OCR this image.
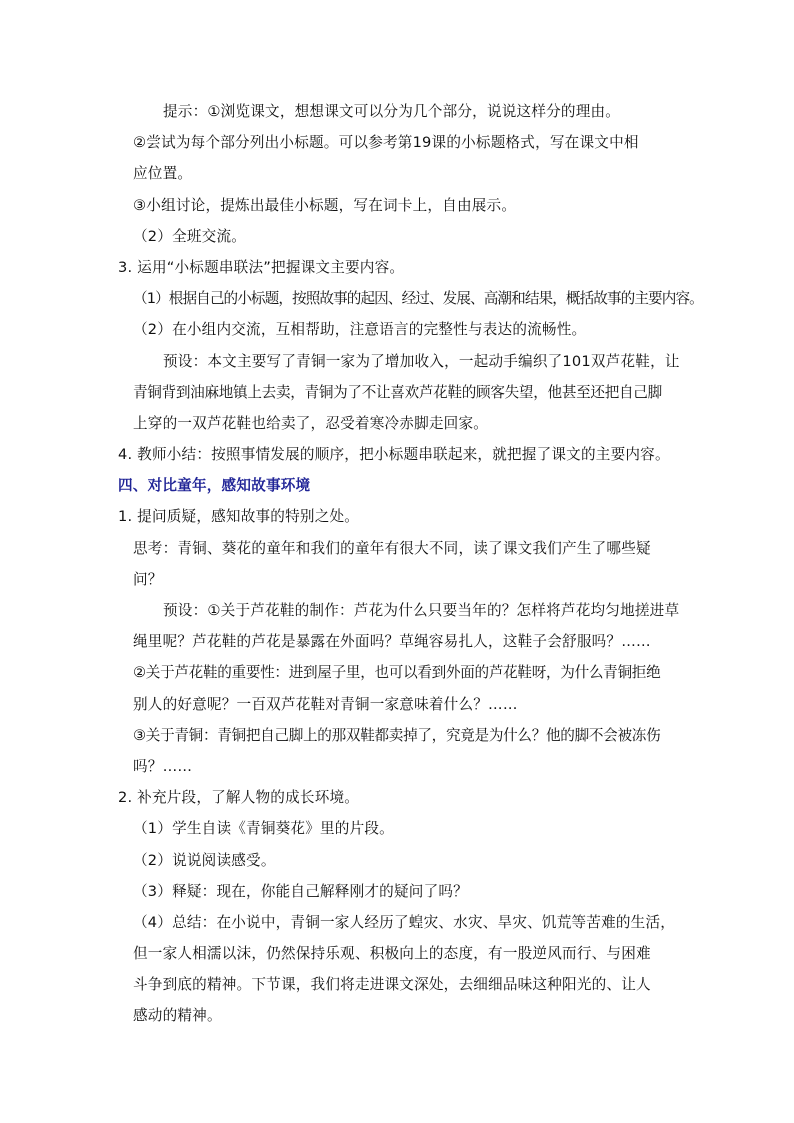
提示：①浏览课文，想想课文可以分为几个部分，说说这样分的理由。
②尝试为每个部分列出小标题。可以参考第19课的小标题格式，写在课文中相
应位置。
③小组讨论，提炼出最佳小标题，写在词卡上，自由展示。
（2）全班交流。
3. 运用“小标题串联法”把握课文主要内容。
（1）根据自己的小标题，按照故事的起因、经过、发展、高潮和结果，概括故事的主要内容。
（2）在小组内交流，互相帮助，注意语言的完整性与表达的流畅性。
预设：本文主要写了青铜一家为了增加收入，一起动手编织了101双芦花鞋，让
青铜背到油麻地镇上去卖，青铜为了不让喜欢芦花鞋的顾客失望，他甚至还把自己脚
上穿的一双芦花鞋也给卖了，忍受着寒冷赤脚走回家。
4. 教师小结：按照事情发展的顺序，把小标题串联起来，就把握了课文的主要内容。
四、对比童年，感知故事环境
1. 提问质疑，感知故事的特别之处。
思考：青铜、葵花的童年和我们的童年有很大不同，读了课文我们产生了哪些疑
问？
预设：①关于芦花鞋的制作：芦花为什么只要当年的？怎样将芦花均匀地搓进草
绳里呢？芦花鞋的芦花是暴露在外面吗？草绳容易扎人，这鞋子会舒服吗？……
②关于芦花鞋的重要性：进到屋子里，也可以看到外面的芦花鞋呀，为什么青铜拒绝
别人的好意呢？一百双芦花鞋对青铜一家意味着什么？……
③关于青铜：青铜把自己脚上的那双鞋都卖掉了，究竟是为什么？他的脚不会被冻伤
吗？……
2. 补充片段，了解人物的成长环境。
（1）学生自读《青铜葵花》里的片段。
（2）说说阅读感受。
（3）释疑：现在，你能自己解释刚才的疑问了吗？
（4）总结：在小说中，青铜一家人经历了蝗灾、水灾、旱灾、饥荒等苦难的生活，
但一家人相濡以沫，仍然保持乐观、积极向上的态度，有一股逆风而行、与困难
斗争到底的精神。下节课，我们将走进课文深处，去细细品味这种阳光的、让人
感动的精神。
